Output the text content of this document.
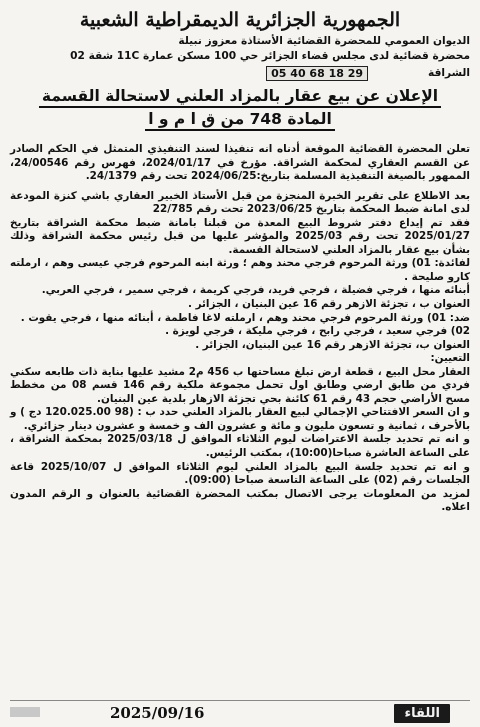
الجمهورية الجزائرية الديمقراطية الشعبية
الديوان العمومي للمحضرة القضائية الأستاذة معزوز نبيلة
محضرة قضائية لدى مجلس قضاء الجزائر حي 100 مسكن عمارة 11C شقة 02
الشراقة
05 40 68 18 29
الإعلان عن بيع عقار بالمزاد العلني لاستحالة القسمة
المادة 748 من ق ا م و ا

تعلن المحضرة القضائية الموقعة أدناه انه تنفيذا لسند التنفيذي المتمثل في الحكم الصادر عن القسم العقاري لمحكمة الشراقة. مؤرخ في 2024/01/17، فهرس رقم 24/00546، الممهور بالصيغة التنفيذية المسلمة بتاريخ:2024/06/25 تحت رقم 24/1379.

بعد الاطلاع على تقرير الخبرة المنجزة من قبل الأستاذ الخبير العقاري باشي كنزة المودعة لدى امانة ضبط المحكمة بتاريخ 2023/06/25 تحت رقم 22/785

فقد تم إيداع دفتر شروط البيع المعدة من قبلنا بامانة ضبط محكمة الشراقة بتاريخ 2025/01/27 تحت رقم 2025/03 والمؤشر عليها من قبل رئيس محكمة الشراقة وذلك بشأن بيع عقار بالمزاد العلني لاستحالة القسمة.

لفائدة: 01) ورثة المرحوم فرجي محند وهم ؛ ورثة ابنه المرحوم فرجي عيسى وهم ، ارملته كارو صليحة .

أبنائه منها ، فرجي فضيلة ، فرجي فريد، فرجي كريمة ، فرجي سمير ، فرجي العربي.

العنوان ب ، تجزئة الازهر رقم 16 عين البنيان ، الجزائر .

ضد: 01) ورثة المرحوم فرجي محند وهم ، ارملته لاغا فاطمة ، أبنائه منها ، فرجي يقوت .

02) فرجي سعيد ، فرجي رابح ، فرجي مليكة ، فرجي لويزة .

العنوان ب، تجزئة الازهر رقم 16 عين البنيان، الجزائر .

التعيين:

العقار محل البيع ، قطعة ارض تبلغ مساحتها ب 456 م2 مشيد عليها بناية ذات طابعه سكني فردي من طابق ارضي وطابق اول تحمل مجموعة ملكية رقم 146 قسم 08 من مخطط مسح الأراضي حجم 43 رقم 61 كائنة بحي تجزئة الازهار بلدية عين البنيان.

و ان السعر الافتتاحي الإجمالي لبيع العقار بالمزاد العلني حدد ب : (98 120.025.00 دج ) و بالأحرف ، ثمانية و تسعون مليون و مائة و عشرون الف و خمسة و عشرون دينار جزائري.

و انه تم تحديد جلسة الاعتراضات ليوم الثلاثاء الموافق ل 2025/03/18 بمحكمة الشراقة ، على الساعة العاشرة صباحا(10:00)، بمكتب الرئيس.

و انه تم تحديد جلسة البيع بالمزاد العلني ليوم الثلاثاء الموافق ل 2025/10/07 قاعة الجلسات رقم (02) على الساعة التاسعة صباحا (09:00).

لمزيد من المعلومات يرجى الاتصال بمكتب المحضرة القضائية بالعنوان و الرقم المدون اعلاه.

2025/09/16	اللقاء
